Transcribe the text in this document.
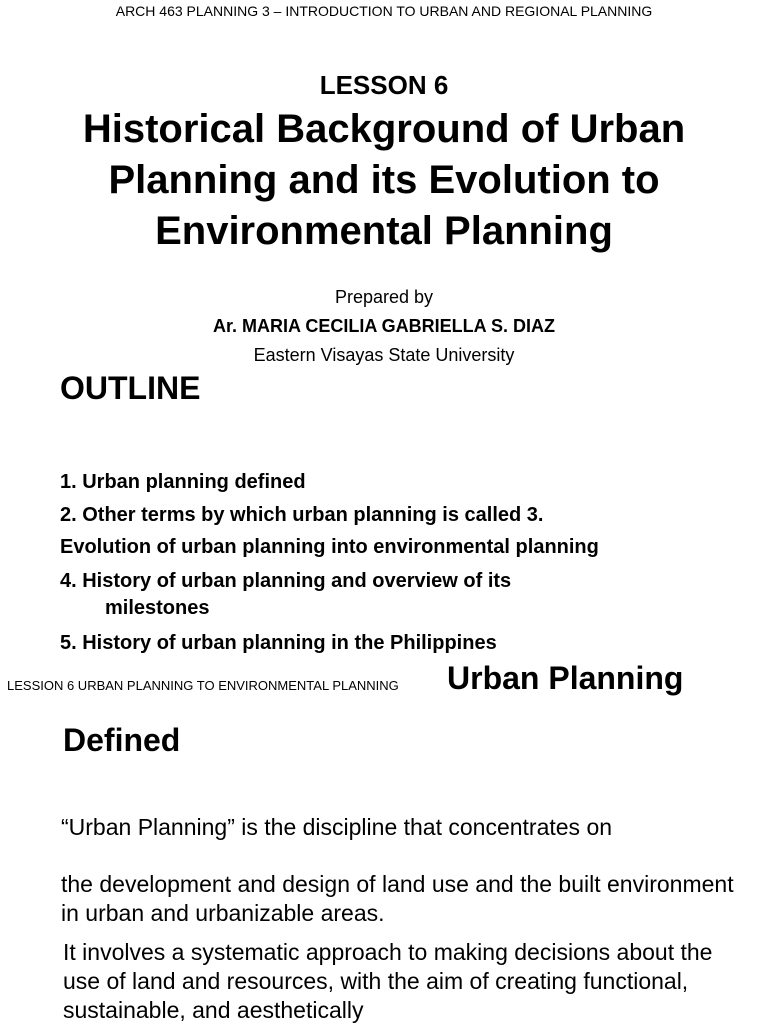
ARCH 463 PLANNING 3 – INTRODUCTION TO URBAN AND REGIONAL PLANNING

LESSON 6
Historical Background of Urban Planning and its Evolution to Environmental Planning

Prepared by

Ar. MARIA CECILIA GABRIELLA S. DIAZ

Eastern Visayas State University

OUTLINE

1. Urban planning defined

2. Other terms by which urban planning is called 3.

Evolution of urban planning into environmental planning

4. History of urban planning and overview of its

milestones

5. History of urban planning in the Philippines

LESSION 6 URBAN PLANNING TO ENVIRONMENTAL PLANNING Urban Planning
Defined

“Urban Planning” is the discipline that concentrates on

the development and design of land use and the built environment in urban and urbanizable areas.

It involves a systematic approach to making decisions about the use of land and resources, with the aim of creating functional, sustainable, and aesthetically
